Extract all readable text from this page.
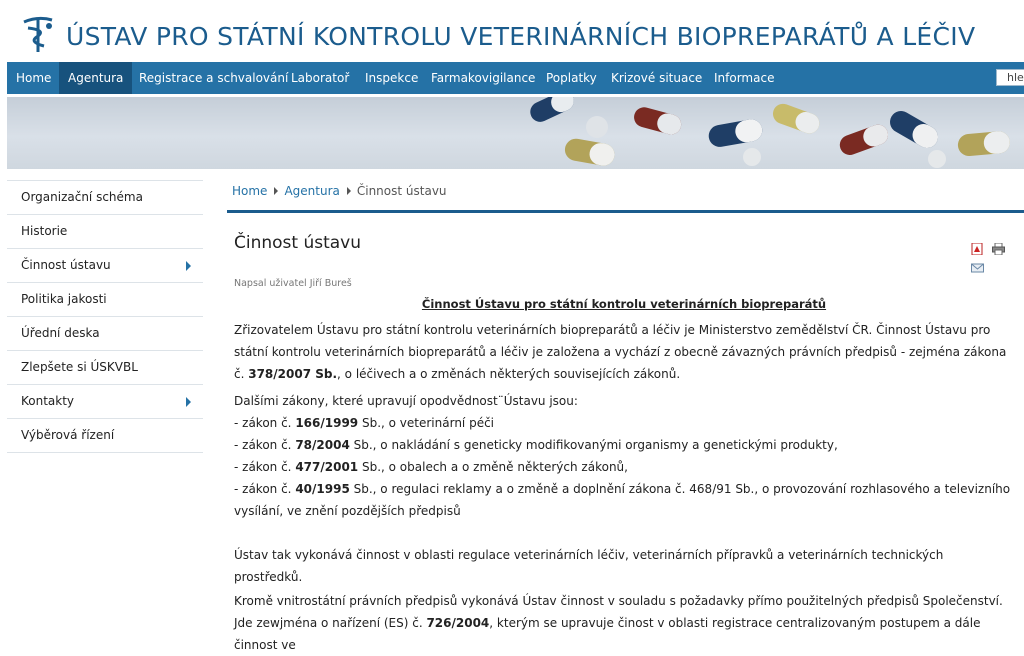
ÚSTAV PRO STÁTNÍ KONTROLU VETERINÁRNÍCH BIOPREPARÁTŮ A LÉČIV
Home	Agentura	Registrace a schvalování Laboratoř	Inspekce	Farmakovigilance Poplatky	Krizové situace Informace
hled
Organizační schéma
Historie
Činnost ústavu
Politika jakosti
Úřední deska
Zlepšete si ÚSKVBL
Kontakty
Výběrová řízení
Home Agentura Činnost ústavu
Činnost ústavu

Napsal uživatel Jiří Bureš

Činnost Ústavu pro státní kontrolu veterinárních biopreparátů

Zřizovatelem Ústavu pro státní kontrolu veterinárních biopreparátů a léčiv je Ministerstvo zemědělství ČR. Činnost Ústavu pro státní kontrolu veterinárních biopreparátů a léčiv je založena a vychází z obecně závazných právních předpisů - zejména zákona č. 378/2007 Sb., o léčivech a o změnách některých souvisejících zákonů.

Dalšími zákony, které upravují opodvědnost¨Ústavu jsou:

- zákon č. 166/1999 Sb., o veterinární péči

- zákon č. 78/2004 Sb., o nakládání s geneticky modifikovanými organismy a genetickými produkty,

- zákon č. 477/2001 Sb., o obalech a o změně některých zákonů,

- zákon č. 40/1995 Sb., o regulaci reklamy a o změně a doplnění zákona č. 468/91 Sb., o provozování rozhlasového a televizního vysílání, ve znění pozdějších předpisů

Ústav tak vykonává činnost v oblasti regulace veterinárních léčiv, veterinárních přípravků a veterinárních technických prostředků.

Kromě vnitrostátní právních předpisů vykonává Ústav činnost v souladu s požadavky přímo použitelných předpisů Společenství. Jde zewjména o nařízení (ES) č. 726/2004, kterým se upravuje činost v oblasti registrace centralizovaným postupem a dále činnost ve
